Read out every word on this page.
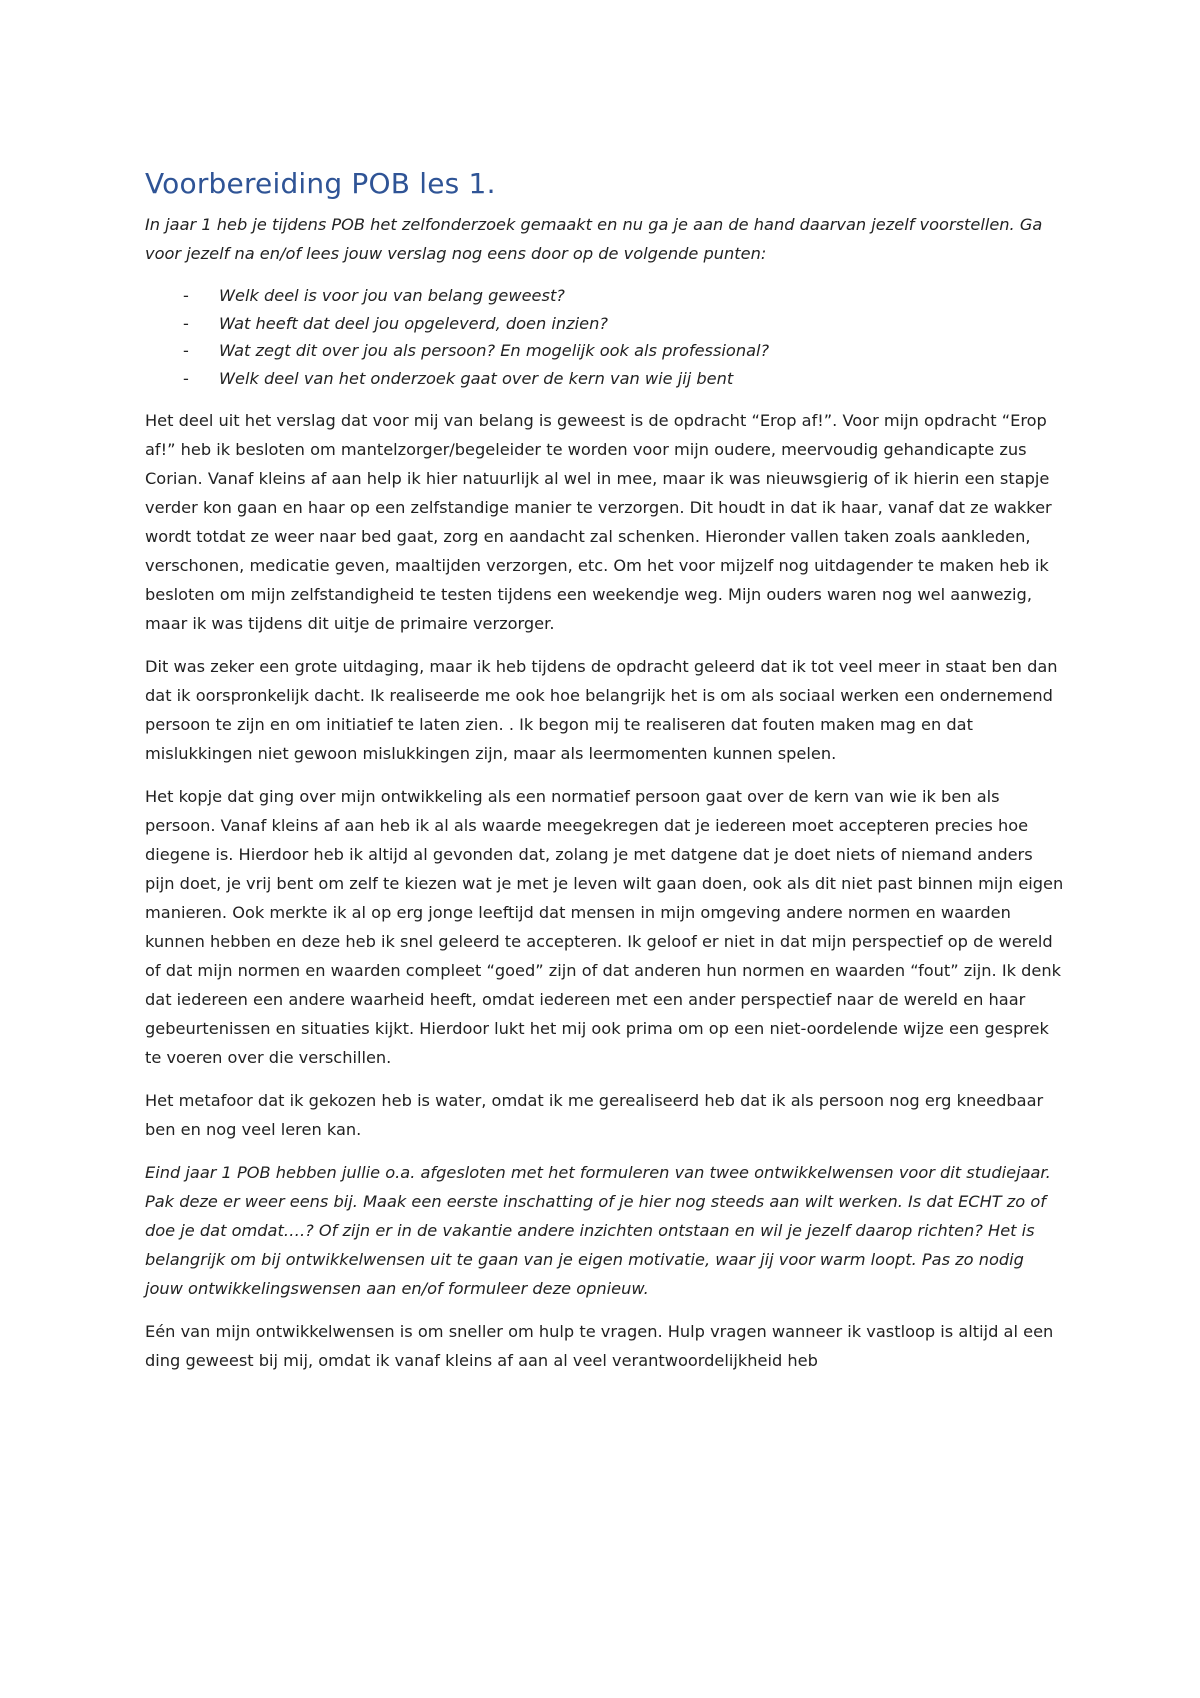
Voorbereiding POB les 1.

In jaar 1 heb je tijdens POB het zelfonderzoek gemaakt en nu ga je aan de hand daarvan jezelf voorstellen. Ga voor jezelf na en/of lees jouw verslag nog eens door op de volgende punten:

- Welk deel is voor jou van belang geweest?
- Wat heeft dat deel jou opgeleverd, doen inzien?
- Wat zegt dit over jou als persoon? En mogelijk ook als professional?
- Welk deel van het onderzoek gaat over de kern van wie jij bent

Het deel uit het verslag dat voor mij van belang is geweest is de opdracht “Erop af!”. Voor mijn opdracht “Erop af!” heb ik besloten om mantelzorger/begeleider te worden voor mijn oudere, meervoudig gehandicapte zus Corian. Vanaf kleins af aan help ik hier natuurlijk al wel in mee, maar ik was nieuwsgierig of ik hierin een stapje verder kon gaan en haar op een zelfstandige manier te verzorgen. Dit houdt in dat ik haar, vanaf dat ze wakker wordt totdat ze weer naar bed gaat, zorg en aandacht zal schenken. Hieronder vallen taken zoals aankleden, verschonen, medicatie geven, maaltijden verzorgen, etc. Om het voor mijzelf nog uitdagender te maken heb ik besloten om mijn zelfstandigheid te testen tijdens een weekendje weg. Mijn ouders waren nog wel aanwezig, maar ik was tijdens dit uitje de primaire verzorger.

Dit was zeker een grote uitdaging, maar ik heb tijdens de opdracht geleerd dat ik tot veel meer in staat ben dan dat ik oorspronkelijk dacht. Ik realiseerde me ook hoe belangrijk het is om als sociaal werken een ondernemend persoon te zijn en om initiatief te laten zien. . Ik begon mij te realiseren dat fouten maken mag en dat mislukkingen niet gewoon mislukkingen zijn, maar als leermomenten kunnen spelen.

Het kopje dat ging over mijn ontwikkeling als een normatief persoon gaat over de kern van wie ik ben als persoon. Vanaf kleins af aan heb ik al als waarde meegekregen dat je iedereen moet accepteren precies hoe diegene is. Hierdoor heb ik altijd al gevonden dat, zolang je met datgene dat je doet niets of niemand anders pijn doet, je vrij bent om zelf te kiezen wat je met je leven wilt gaan doen, ook als dit niet past binnen mijn eigen manieren. Ook merkte ik al op erg jonge leeftijd dat mensen in mijn omgeving andere normen en waarden kunnen hebben en deze heb ik snel geleerd te accepteren. Ik geloof er niet in dat mijn perspectief op de wereld of dat mijn normen en waarden compleet “goed” zijn of dat anderen hun normen en waarden “fout” zijn. Ik denk dat iedereen een andere waarheid heeft, omdat iedereen met een ander perspectief naar de wereld en haar gebeurtenissen en situaties kijkt. Hierdoor lukt het mij ook prima om op een niet-oordelende wijze een gesprek te voeren over die verschillen.

Het metafoor dat ik gekozen heb is water, omdat ik me gerealiseerd heb dat ik als persoon nog erg kneedbaar ben en nog veel leren kan.

Eind jaar 1 POB hebben jullie o.a. afgesloten met het formuleren van twee ontwikkelwensen voor dit studiejaar. Pak deze er weer eens bij. Maak een eerste inschatting of je hier nog steeds aan wilt werken. Is dat ECHT zo of doe je dat omdat….? Of zijn er in de vakantie andere inzichten ontstaan en wil je jezelf daarop richten? Het is belangrijk om bij ontwikkelwensen uit te gaan van je eigen motivatie, waar jij voor warm loopt. Pas zo nodig jouw ontwikkelingswensen aan en/of formuleer deze opnieuw.

Eén van mijn ontwikkelwensen is om sneller om hulp te vragen. Hulp vragen wanneer ik vastloop is altijd al een ding geweest bij mij, omdat ik vanaf kleins af aan al veel verantwoordelijkheid heb
